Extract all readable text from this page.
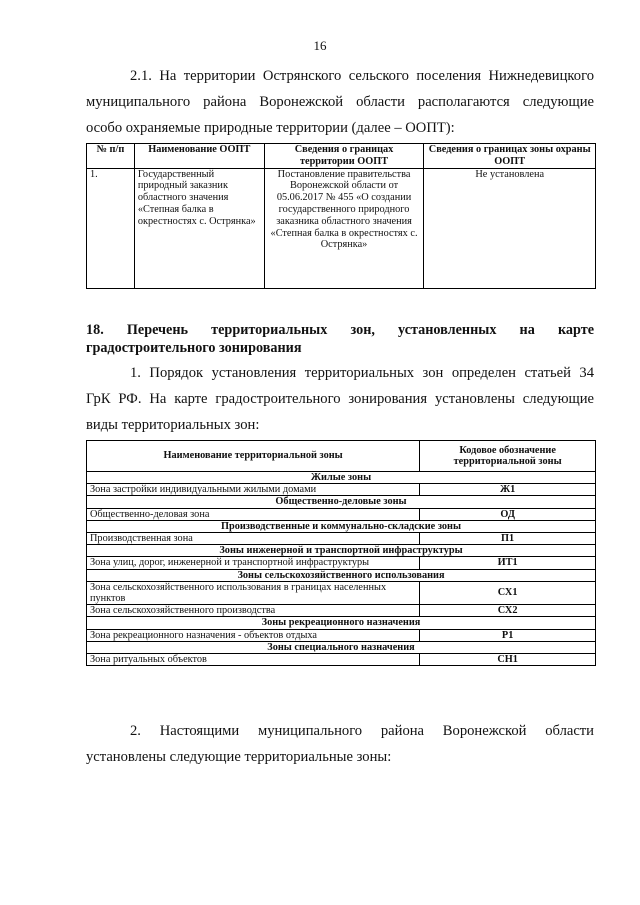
16
2.1. На территории Острянского сельского поселения Нижнедевицкого
муниципального района Воронежской области располагаются следующие
особо охраняемые природные территории (далее – ООПТ):
№ п/п	Наименование ООПТ	Сведения о границах территории ООПТ	Сведения о границах зоны охраны ООПТ
1.	Государственный природный заказник областного значения «Степная балка в окрестностях с. Острянка»	Постановление правительства Воронежской области от 05.06.2017 № 455 «О создании государственного природного заказника областного значения «Степная балка в окрестностях с. Острянка»	Не установлена
18. Перечень территориальных зон, установленных на карте градостроительного зонирования
1. Порядок установления территориальных зон определен статьей 34
ГрК РФ. На карте градостроительного зонирования установлены следующие
виды территориальных зон:
Наименование территориальной зоны	Кодовое обозначение территориальной зоны
Жилые зоны	
Зона застройки индивидуальными жилыми домами	Ж1
Общественно-деловые зоны	
Общественно-деловая зона	ОД
Производственные и коммунально-складские зоны	
Производственная зона	П1
Зоны инженерной и транспортной инфраструктуры	
Зона улиц, дорог, инженерной и транспортной инфраструктуры	ИТ1
Зоны сельскохозяйственного использования	
Зона сельскохозяйственного использования в границах населенных пунктов	СХ1
Зона сельскохозяйственного производства	СХ2
Зоны рекреационного назначения	
Зона рекреационного назначения - объектов отдыха	Р1
Зоны специального назначения	
Зона ритуальных объектов	СН1
2. Настоящими муниципального района Воронежской области
установлены следующие территориальные зоны:
